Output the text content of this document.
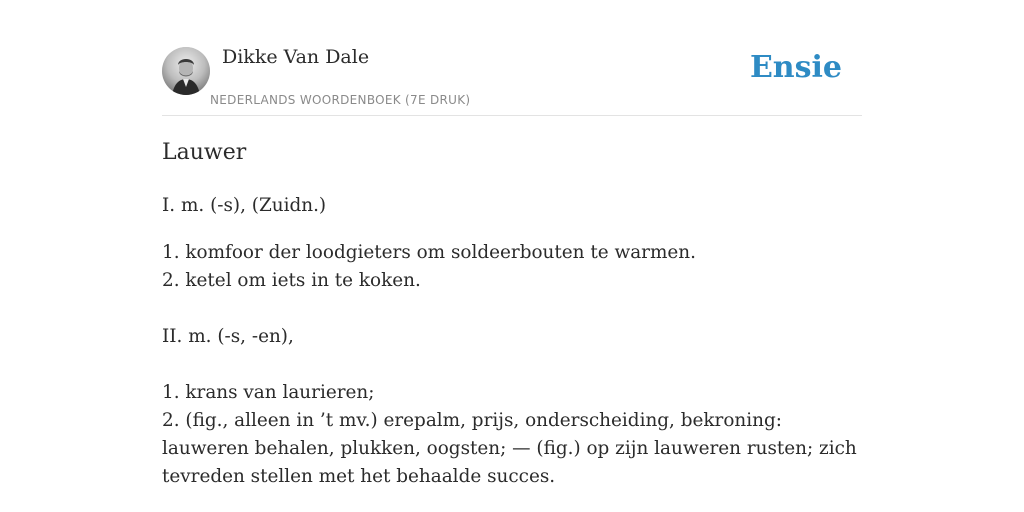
Dikke Van Dale
NEDERLANDS WOORDENBOEK (7E DRUK)
Ensie
Lauwer
I. m. (-s), (Zuidn.)
1. komfoor der loodgieters om soldeerbouten te warmen.
2. ketel om iets in te koken.
II. m. (-s, -en),
1. krans van laurieren;
2. (fig., alleen in ’t mv.) erepalm, prijs, onderscheiding, bekroning: lauweren behalen, plukken, oogsten; — (fig.) op zijn lauweren rusten; zich tevreden stellen met het behaalde succes.
